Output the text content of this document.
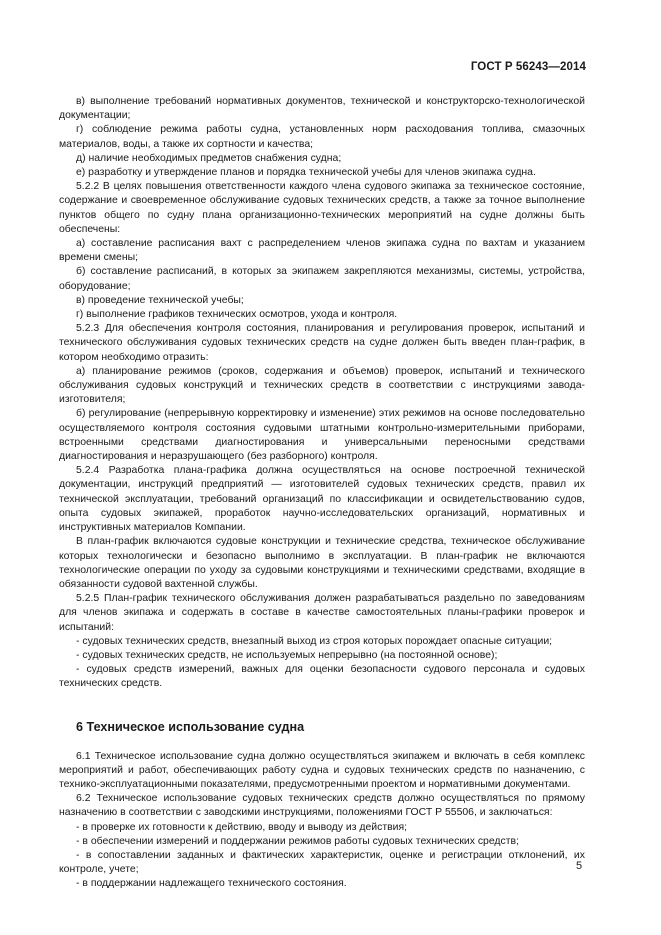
ГОСТ Р 56243—2014

в) выполнение требований нормативных документов, технической и конструкторско-технологической документации;

г) соблюдение режима работы судна, установленных норм расходования топлива, смазочных материалов, воды, а также их сортности и качества;

д) наличие необходимых предметов снабжения судна;

е) разработку и утверждение планов и порядка технической учебы для членов экипажа судна.

5.2.2 В целях повышения ответственности каждого члена судового экипажа за техническое состояние, содержание и своевременное обслуживание судовых технических средств, а также за точное выполнение пунктов общего по судну плана организационно-технических мероприятий на судне должны быть обеспечены:

а) составление расписания вахт с распределением членов экипажа судна по вахтам и указанием времени смены;

б) составление расписаний, в которых за экипажем закрепляются механизмы, системы, устройства, оборудование;

в) проведение технической учебы;

г) выполнение графиков технических осмотров, ухода и контроля.

5.2.3 Для обеспечения контроля состояния, планирования и регулирования проверок, испытаний и технического обслуживания судовых технических средств на судне должен быть введен план-график, в котором необходимо отразить:

а) планирование режимов (сроков, содержания и объемов) проверок, испытаний и технического обслуживания судовых конструкций и технических средств в соответствии с инструкциями завода-изготовителя;

б) регулирование (непрерывную корректировку и изменение) этих режимов на основе последовательно осуществляемого контроля состояния судовыми штатными контрольно-измерительными приборами, встроенными средствами диагностирования и универсальными переносными средствами диагностирования и неразрушающего (без разборного) контроля.

5.2.4 Разработка плана-графика должна осуществляться на основе построечной технической документации, инструкций предприятий — изготовителей судовых технических средств, правил их технической эксплуатации, требований организаций по классификации и освидетельствованию судов, опыта судовых экипажей, проработок научно-исследовательских организаций, нормативных и инструктивных материалов Компании.

В план-график включаются судовые конструкции и технические средства, техническое обслуживание которых технологически и безопасно выполнимо в эксплуатации. В план-график не включаются технологические операции по уходу за судовыми конструкциями и техническими средствами, входящие в обязанности судовой вахтенной службы.

5.2.5 План-график технического обслуживания должен разрабатываться раздельно по заведованиям для членов экипажа и содержать в составе в качестве самостоятельных планы-графики проверок и испытаний:

- судовых технических средств, внезапный выход из строя которых порождает опасные ситуации;

- судовых технических средств, не используемых непрерывно (на постоянной основе);

- судовых средств измерений, важных для оценки безопасности судового персонала и судовых технических средств.

6 Техническое использование судна

6.1 Техническое использование судна должно осуществляться экипажем и включать в себя комплекс мероприятий и работ, обеспечивающих работу судна и судовых технических средств по назначению, с технико-эксплуатационными показателями, предусмотренными проектом и нормативными документами.

6.2 Техническое использование судовых технических средств должно осуществляться по прямому назначению в соответствии с заводскими инструкциями, положениями ГОСТ Р 55506, и заключаться:

- в проверке их готовности к действию, вводу и выводу из действия;

- в обеспечении измерений и поддержании режимов работы судовых технических средств;

- в сопоставлении заданных и фактических характеристик, оценке и регистрации отклонений, их контроле, учете;

- в поддержании надлежащего технического состояния.

5
